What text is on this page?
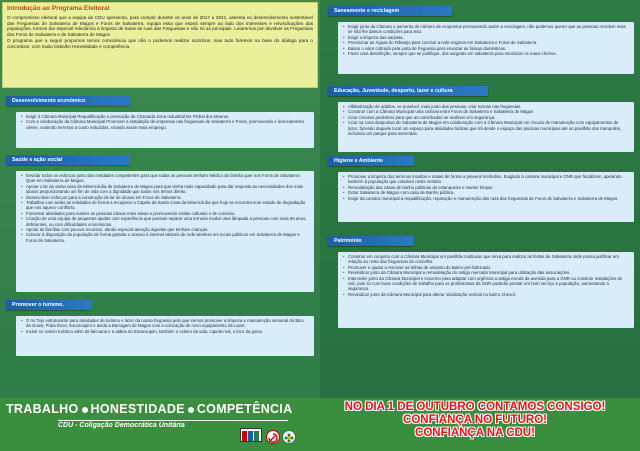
Introdução ao Programa Eleitoral

O compromisso eleitoral que a equipa da CDU apresenta, para cumprir durante os anos de 2017 a 2021, assenta no desenvolvimento sustentável das Freguesias de Salvaterra de Magos e Foros de Salvaterra, equipa essa que estará sempre ao lado dos interesses e reivindicações das populações. Iremos dar especial relevância à limpeza de todas as ruas das Freguesias e não só as principais. Lutaremos por devolver as Freguesias dos Foros de Salvaterra e de Salvaterra de Magos

O programa que a seguir propomos temos consciência que não o podemos realizar sozinhos, mas tudo faremos na base do diálogo para o concretizar, com muito trabalho Honestidade e competência.

Desenvolvimento económico
• Exigir à Câmara Municipal Requalificação e promoção da Chamada Zona Industrial De Pinhal dos Mouros.
• Com a colaboração da Câmara Municipal Promover a instalação de empresas nas freguesias de Salvaterra e Foros, promovendo o licenciamento célere, cedendo terrenos a custo reduzidos, criando assim mais emprego.
Saúde e ação social
• Envidar todos os esforços junto das entidades competentes para que todas as pessoas tenham Médico de família quer nos Foros de Salvaterra Quer em Salvaterra de Magos.
• Apoiar o lar da santa casa da Misericórdia de Salvaterra de Magos para que tenha mais capacidade para dar resposta as necessidades dos mais idosos proporcionando um fim de vida com a dignidade que todos nós temos direito.
• Desenvolver esforços para a construção de lar de idosos em Foros de Salvaterra.
• Trabalhar com todas as entidades de forma a recuperar a Capela da Santa Casa da Misericórdia que hoje se encontra num estado de degradação que nos aquece confforto.
• Fomentar atividades para manter as pessoas idosas mais ativas e promovendo visitas culturais e de convívio.
• Criação de uma equipa de pequenas ajudas com experiência que possam reparar uma torneira mudar uma lâmpada a pessoas com mais 65 anos, deficientes, ou com dificuldades económicas.
• Apoiar as famílias com poucos recursos, dando especial atenção àquelas que tenham crianças.
• Colocar à disposição da população de forma gratuita o acesso à internet através de rede wireless em locais públicos em Salvaterra de Magos e Foros de Salvaterra.
Promover o turismo.
• O rio Tejo estruturante para atividades de turismo e lazer da nossa freguesia pelo que iremos promover a limpeza e manutenção semanal do Bico da Goiva, Praia Doce, Escaroupim e ainda a Barragem de Magos com a colocação de novo equipamento de Lazer.
• Incluir no roteiro turístico além da falcoaria e a aldeia do Escaroupim, também o celeiro da vala, capela real, o bico da goiva.
Saneamento e reciclagem
• Exigir junto da Câmara o aumento do número de ecopontos promovendo assim a reciclagem, não podemos querer que as pessoas reciclem mais se não lhe damos condições para isso.
• Exigir a limpeza das sarjetas.
• Pressionar as Águas do Ribatejo para concluir a rede esgotos em Salvaterra e Foros de Salvaterra
• Baixar o valor cobrado pela junta de freguesia para esvaziar as fossas domésticas.
• Fazer uma desinfeção, sempre que se justifique, das sargetas em salvaterra para minimizar os maus cheiros.
Educação, Juventude, desporto, lazer e cultura
• Alfabetização de adultos, se possível, mais junto das pessoas, criar turmas nas freguesias.
• Construir com a Câmara Municipal uma ciclovia entre Foros de Salvaterra e Salvaterra de Magos
• Criar circuitos pedestres para que as caminhadas se realizem em segurança.
• Criar na zona desportiva de Salvaterra de Magos em colaboração com a Câmara Municipal um circuito de manutenção com equipamentos de lazer, fazendo daquele local um espaço para atividades lúdicas que irá desde o espaço das piscinas municipais até ao pavilhão dos trampolins, incluindo um parque para merendas.
Higiene e Ambiente
• Promover a limpeza dos terrenos incultos e matas de forma a prevenir incêndios. Exigindo à camara municipal e GNR que fiscalizem, apelando também à população que colabore neste sentido.
• Remodelação das casas de banho públicas do estanqueira e manter limpas
• Dotar Salvaterra de Magos com casa de Banho pública.
• Exigir da camara municipal a requalificação, reparação e manutenção das ruas das freguesias de Foros de Salvaterra e Salvaterra de Magos.
Património
• Construir em conjunto com a Câmara Municipal um pavilhão multiusos que sirva para realizar as festas de Salvaterra onde possa justificar em relação ao resto das freguesias do concelho.
• Promover e ajudar a remover as telhas de amianto do Bairro pré-fabricado.
• Reivindicar junto da Câmara Municipal a remodelação do antigo mercado Municipal para utilização das associações.
• Interceder junto da Câmara Municipal e Governo para adaptar com urgência a antiga escola da avenida para a GNR ou construir instalações de raiz, pois só com boas condições de trabalho para os profissionais da GNR poderão prestar um bom serviço à população, aumentando a segurança.
• Reivindicar junto da Câmara Municipal para alterar sinalização vertical no bairro Chesol.
TRABALHO HONESTIDADE COMPETÊNCIA
CDU - Coligação Democrática Unitária
NO DIA 1 DE OUTUBRO CONTAMOS CONSIGO!
CONFIANÇA NO FUTURO!
CONFIANÇA NA CDU!
